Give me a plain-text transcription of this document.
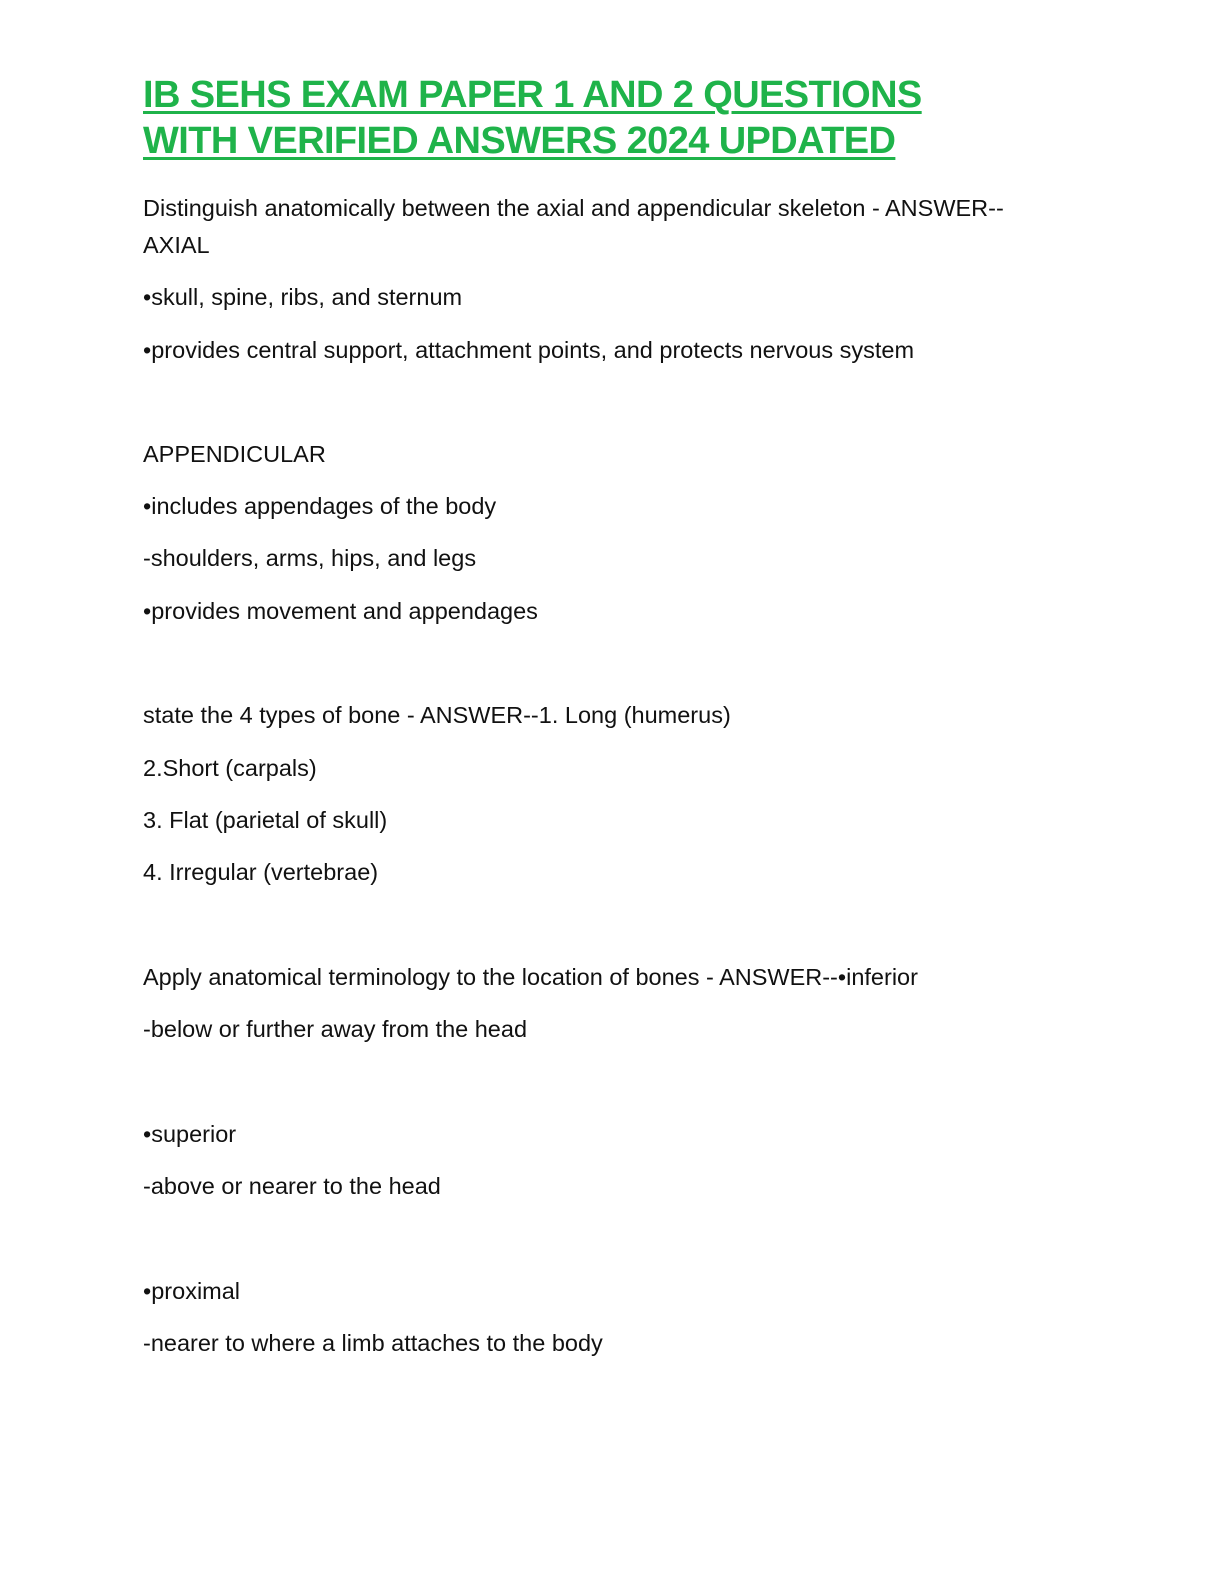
IB SEHS EXAM PAPER 1 AND 2 QUESTIONS
WITH VERIFIED ANSWERS 2024 UPDATED
Distinguish anatomically between the axial and appendicular skeleton - ANSWER--
AXIAL
•skull, spine, ribs, and sternum
•provides central support, attachment points, and protects nervous system
APPENDICULAR
•includes appendages of the body
-shoulders, arms, hips, and legs
•provides movement and appendages
state the 4 types of bone - ANSWER--1. Long (humerus)
2.Short (carpals)
3. Flat (parietal of skull)
4. Irregular (vertebrae)
Apply anatomical terminology to the location of bones - ANSWER--•inferior
-below or further away from the head
•superior
-above or nearer to the head
•proximal
-nearer to where a limb attaches to the body
